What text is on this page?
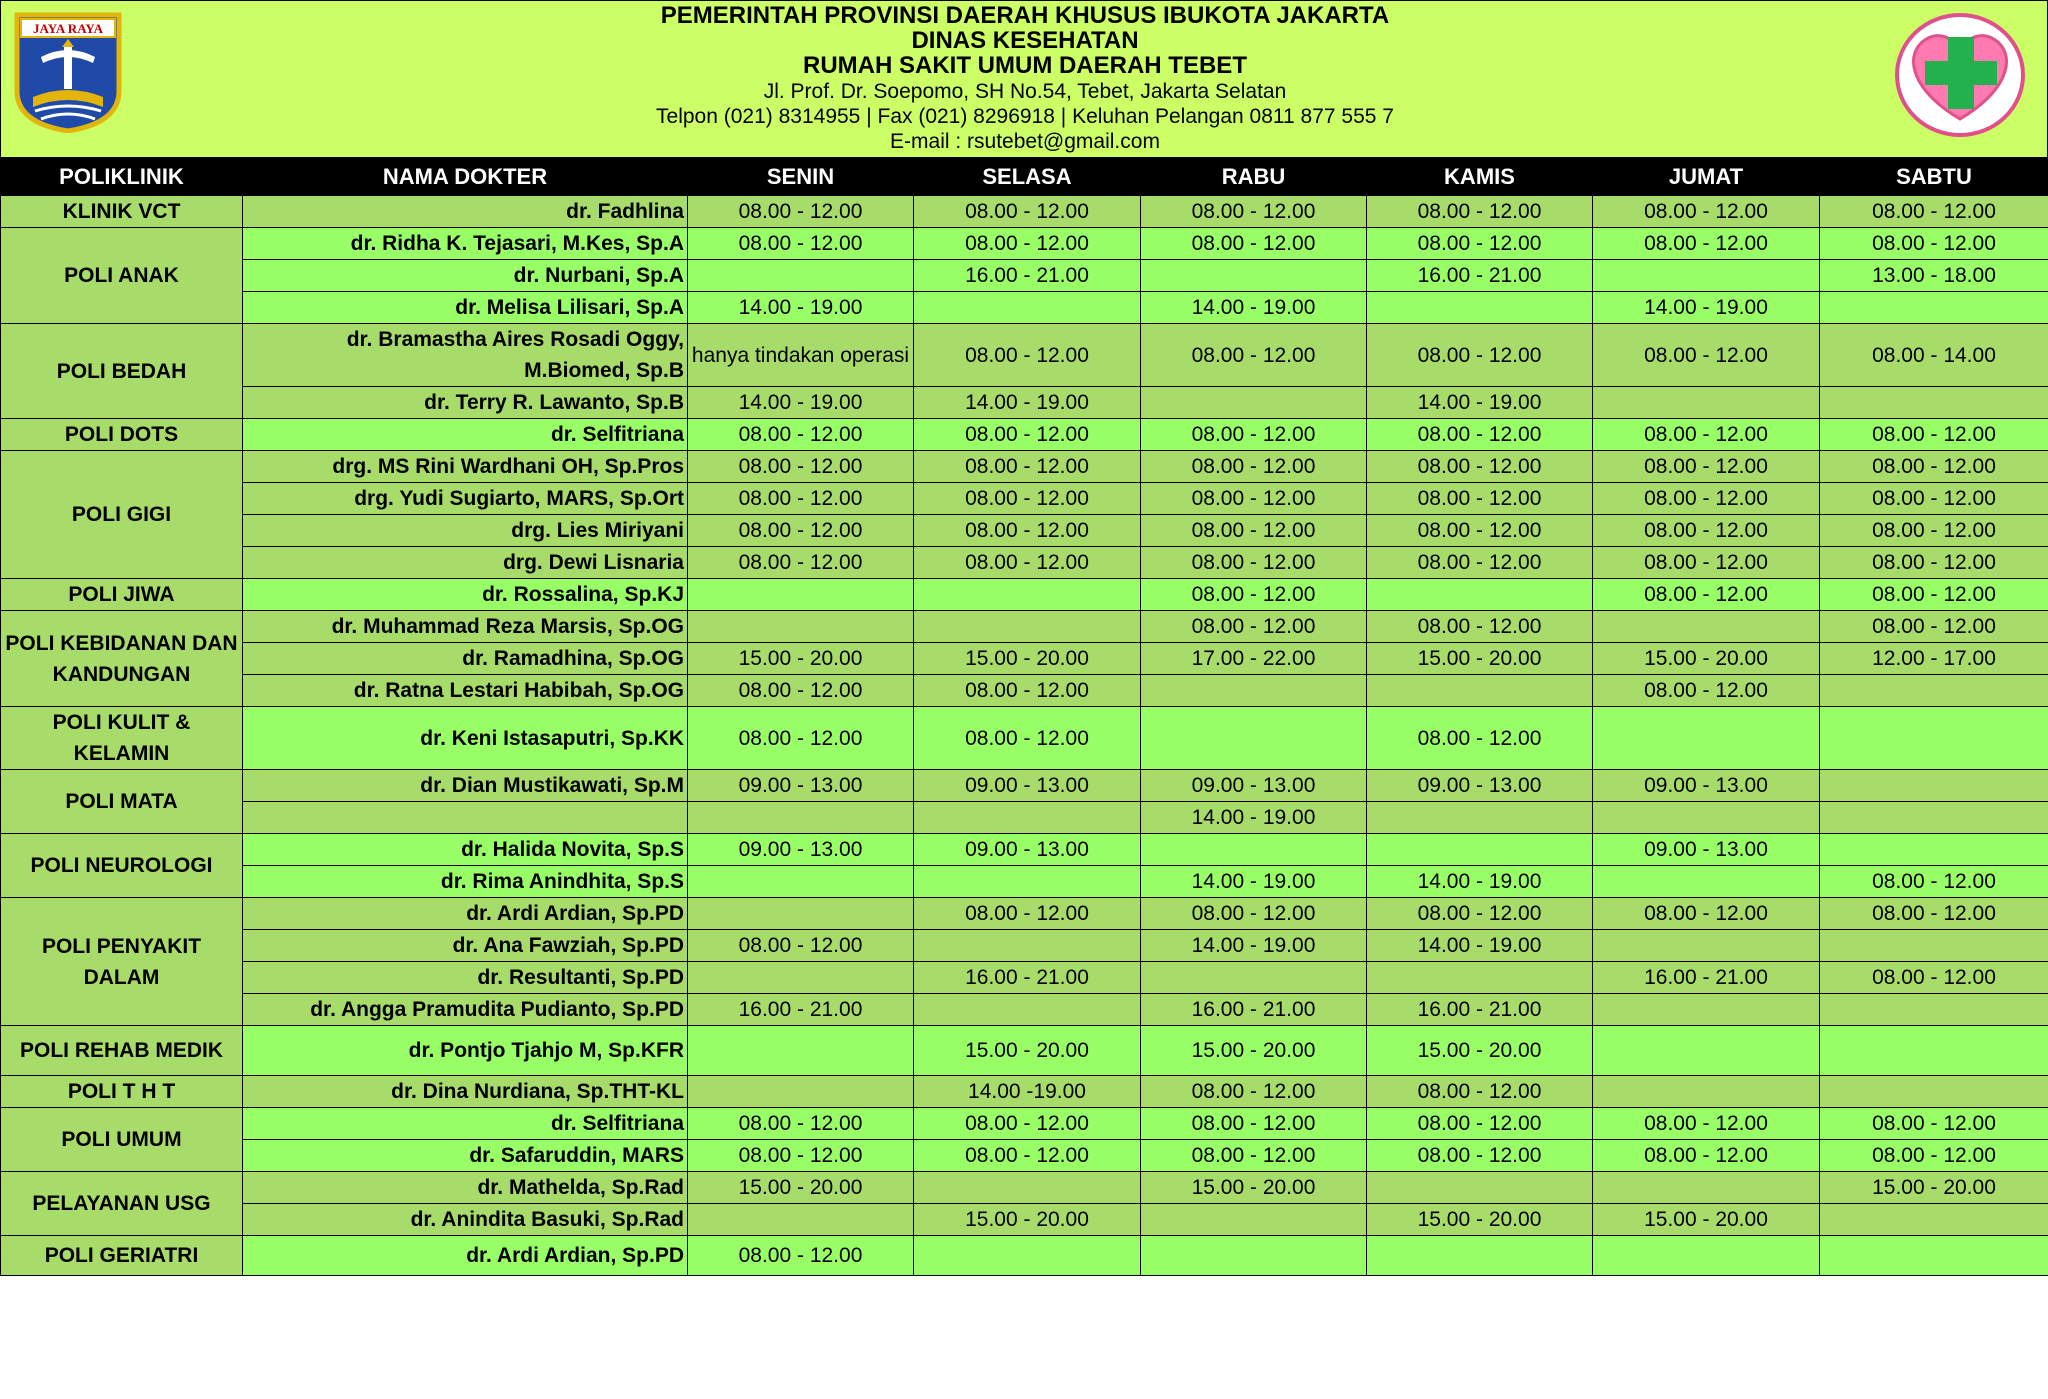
JAYA RAYA	PEMERINTAH PROVINSI DAERAH KHUSUS IBUKOTA JAKARTA
DINAS KESEHATAN
RUMAH SAKIT UMUM DAERAH TEBET
Jl. Prof. Dr. Soepomo, SH No.54, Tebet, Jakarta Selatan
Telpon (021) 8314955 | Fax (021) 8296918 | Keluhan Pelangan 0811 877 555 7
E-mail : rsutebet@gmail.com
POLIKLINIK	NAMA DOKTER	SENIN	SELASA	RABU	KAMIS	JUMAT	SABTU
KLINIK VCT	dr. Fadhlina	08.00 - 12.00	08.00 - 12.00	08.00 - 12.00	08.00 - 12.00	08.00 - 12.00	08.00 - 12.00
POLI ANAK	dr. Ridha K. Tejasari, M.Kes, Sp.A	08.00 - 12.00	08.00 - 12.00	08.00 - 12.00	08.00 - 12.00	08.00 - 12.00	08.00 - 12.00
	dr. Nurbani, Sp.A		16.00 - 21.00		16.00 - 21.00		13.00 - 18.00
	dr. Melisa Lilisari, Sp.A	14.00 - 19.00		14.00 - 19.00		14.00 - 19.00	
POLI BEDAH	dr. Bramastha Aires Rosadi Oggy, M.Biomed, Sp.B	hanya tindakan operasi	08.00 - 12.00	08.00 - 12.00	08.00 - 12.00	08.00 - 12.00	08.00 - 14.00
	dr. Terry R. Lawanto, Sp.B	14.00 - 19.00	14.00 - 19.00		14.00 - 19.00		
POLI DOTS	dr. Selfitriana	08.00 - 12.00	08.00 - 12.00	08.00 - 12.00	08.00 - 12.00	08.00 - 12.00	08.00 - 12.00
POLI GIGI	drg. MS Rini Wardhani OH, Sp.Pros	08.00 - 12.00	08.00 - 12.00	08.00 - 12.00	08.00 - 12.00	08.00 - 12.00	08.00 - 12.00
	drg. Yudi Sugiarto, MARS, Sp.Ort	08.00 - 12.00	08.00 - 12.00	08.00 - 12.00	08.00 - 12.00	08.00 - 12.00	08.00 - 12.00
	drg. Lies Miriyani	08.00 - 12.00	08.00 - 12.00	08.00 - 12.00	08.00 - 12.00	08.00 - 12.00	08.00 - 12.00
	drg. Dewi Lisnaria	08.00 - 12.00	08.00 - 12.00	08.00 - 12.00	08.00 - 12.00	08.00 - 12.00	08.00 - 12.00
POLI JIWA	dr. Rossalina, Sp.KJ			08.00 - 12.00		08.00 - 12.00	08.00 - 12.00
POLI KEBIDANAN DAN KANDUNGAN	dr. Muhammad Reza Marsis, Sp.OG			08.00 - 12.00	08.00 - 12.00		08.00 - 12.00
	dr. Ramadhina, Sp.OG	15.00 - 20.00	15.00 - 20.00	17.00 - 22.00	15.00 - 20.00	15.00 - 20.00	12.00 - 17.00
	dr. Ratna Lestari Habibah, Sp.OG	08.00 - 12.00	08.00 - 12.00			08.00 - 12.00	
POLI KULIT & KELAMIN	dr. Keni Istasaputri, Sp.KK	08.00 - 12.00	08.00 - 12.00		08.00 - 12.00		
POLI MATA	dr. Dian Mustikawati, Sp.M	09.00 - 13.00	09.00 - 13.00	09.00 - 13.00	09.00 - 13.00	09.00 - 13.00	
				14.00 - 19.00			
POLI NEUROLOGI	dr. Halida Novita, Sp.S	09.00 - 13.00	09.00 - 13.00			09.00 - 13.00	
	dr. Rima Anindhita, Sp.S			14.00 - 19.00	14.00 - 19.00		08.00 - 12.00
POLI PENYAKIT DALAM	dr. Ardi Ardian, Sp.PD		08.00 - 12.00	08.00 - 12.00	08.00 - 12.00	08.00 - 12.00	08.00 - 12.00
	dr. Ana Fawziah, Sp.PD	08.00 - 12.00		14.00 - 19.00	14.00 - 19.00		
	dr. Resultanti, Sp.PD		16.00 - 21.00			16.00 - 21.00	08.00 - 12.00
	dr. Angga Pramudita Pudianto, Sp.PD	16.00 - 21.00		16.00 - 21.00	16.00 - 21.00		
POLI REHAB MEDIK	dr. Pontjo Tjahjo M, Sp.KFR		15.00 - 20.00	15.00 - 20.00	15.00 - 20.00		
POLI T H T	dr. Dina Nurdiana, Sp.THT-KL		14.00 -19.00	08.00 - 12.00	08.00 - 12.00		
POLI UMUM	dr. Selfitriana	08.00 - 12.00	08.00 - 12.00	08.00 - 12.00	08.00 - 12.00	08.00 - 12.00	08.00 - 12.00
	dr. Safaruddin, MARS	08.00 - 12.00	08.00 - 12.00	08.00 - 12.00	08.00 - 12.00	08.00 - 12.00	08.00 - 12.00
PELAYANAN USG	dr. Mathelda, Sp.Rad	15.00 - 20.00		15.00 - 20.00			15.00 - 20.00
	dr. Anindita Basuki, Sp.Rad		15.00 - 20.00		15.00 - 20.00	15.00 - 20.00	
POLI GERIATRI	dr. Ardi Ardian, Sp.PD	08.00 - 12.00					
